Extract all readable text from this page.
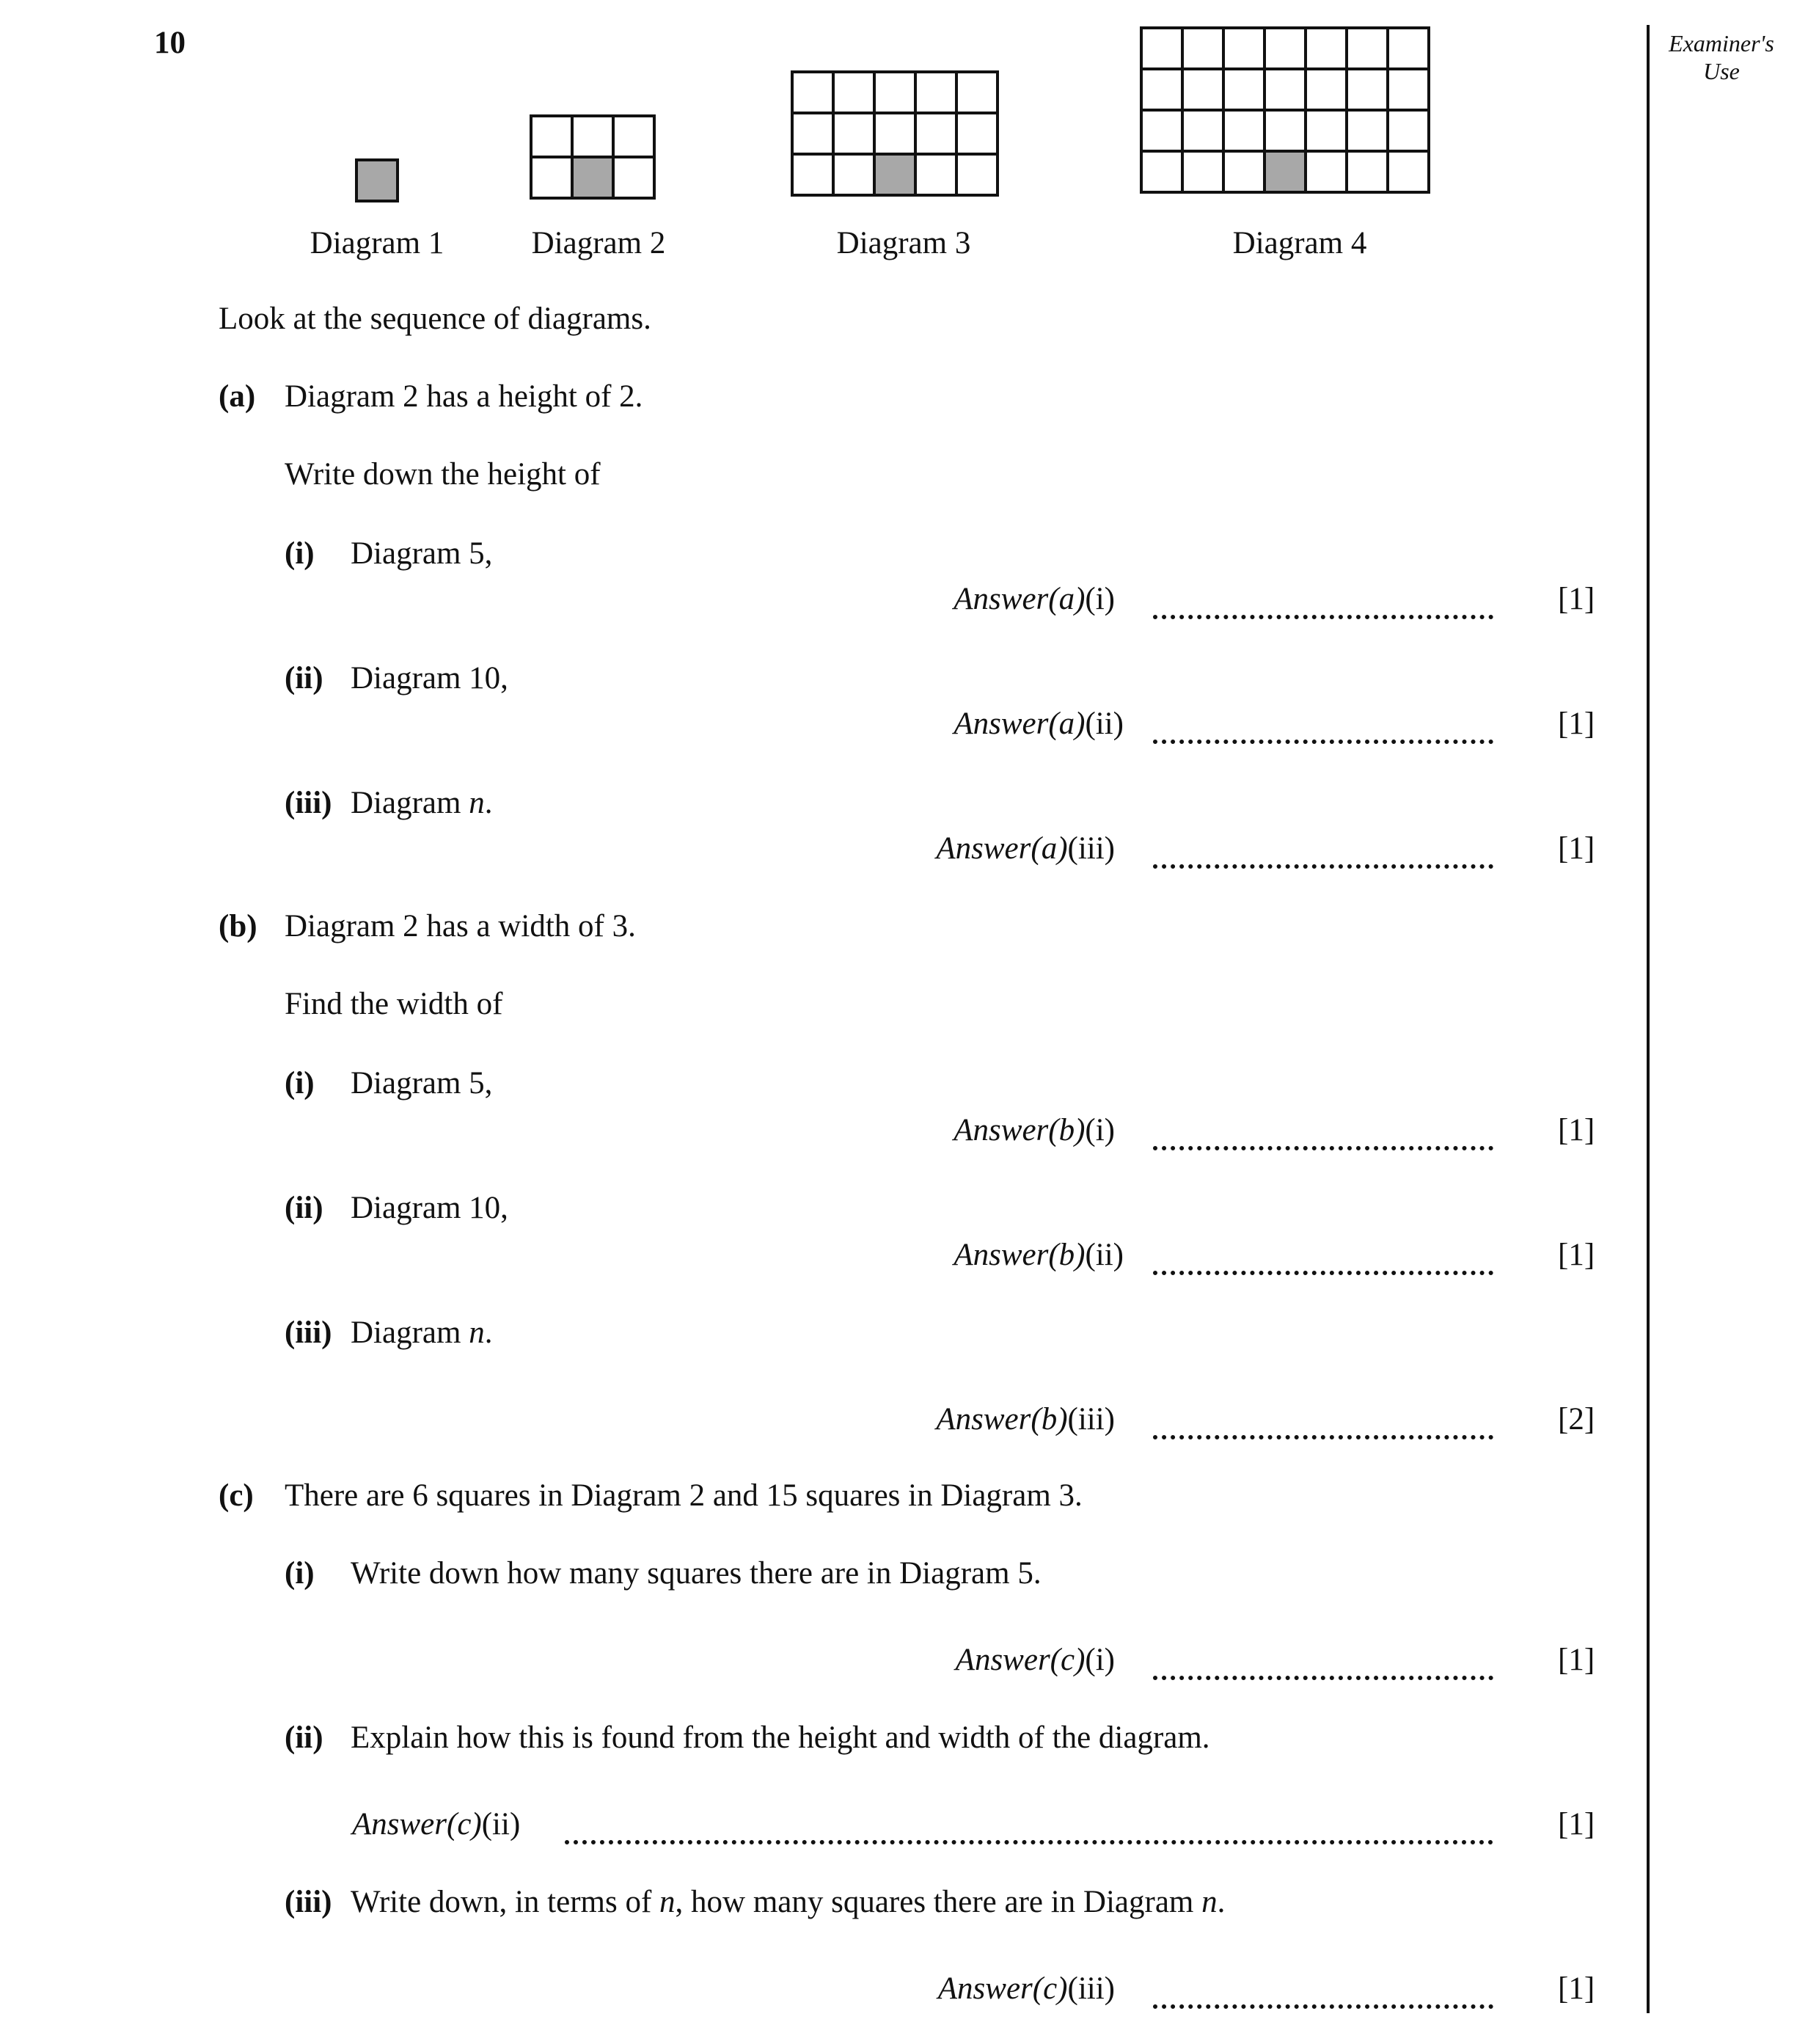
10	Examiner's
Use
Diagram 1	Diagram 2	Diagram 3	Diagram 4
Look at the sequence of diagrams.
(a) Diagram 2 has a height of 2.
Write down the height of
(i) Diagram 5,
Answer(a)(i)	[1]
(ii) Diagram 10,
Answer(a)(ii)	[1]
(iii) Diagram n.
Answer(a)(iii)	[1]
(b) Diagram 2 has a width of 3.
Find the width of
(i) Diagram 5,
Answer(b)(i)	[1]
(ii) Diagram 10,
Answer(b)(ii)	[1]
(iii) Diagram n.
Answer(b)(iii)	[2]
(c) There are 6 squares in Diagram 2 and 15 squares in Diagram 3.
(i) Write down how many squares there are in Diagram 5.
Answer(c)(i)	[1]
(ii) Explain how this is found from the height and width of the diagram.
Answer(c)(ii)	[1]
(iii) Write down, in terms of n, how many squares there are in Diagram n.
Answer(c)(iii)	[1]
